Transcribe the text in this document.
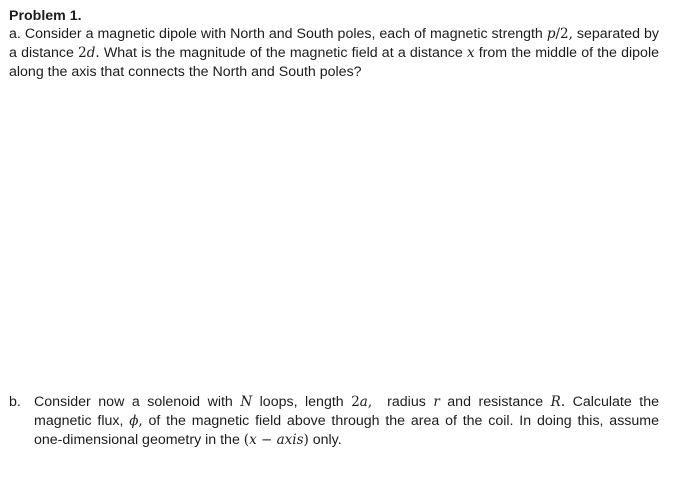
Problem 1.
a. Consider a magnetic dipole with North and South poles, each of magnetic strength p/2, separated by a distance 2d. What is the magnitude of the magnetic field at a distance x from the middle of the dipole along the axis that connects the North and South poles?
b. Consider now a solenoid with N loops, length 2a,  radius r and resistance R. Calculate the magnetic flux, ϕ, of the magnetic field above through the area of the coil. In doing this, assume one-dimensional geometry in the (x − axis) only.
